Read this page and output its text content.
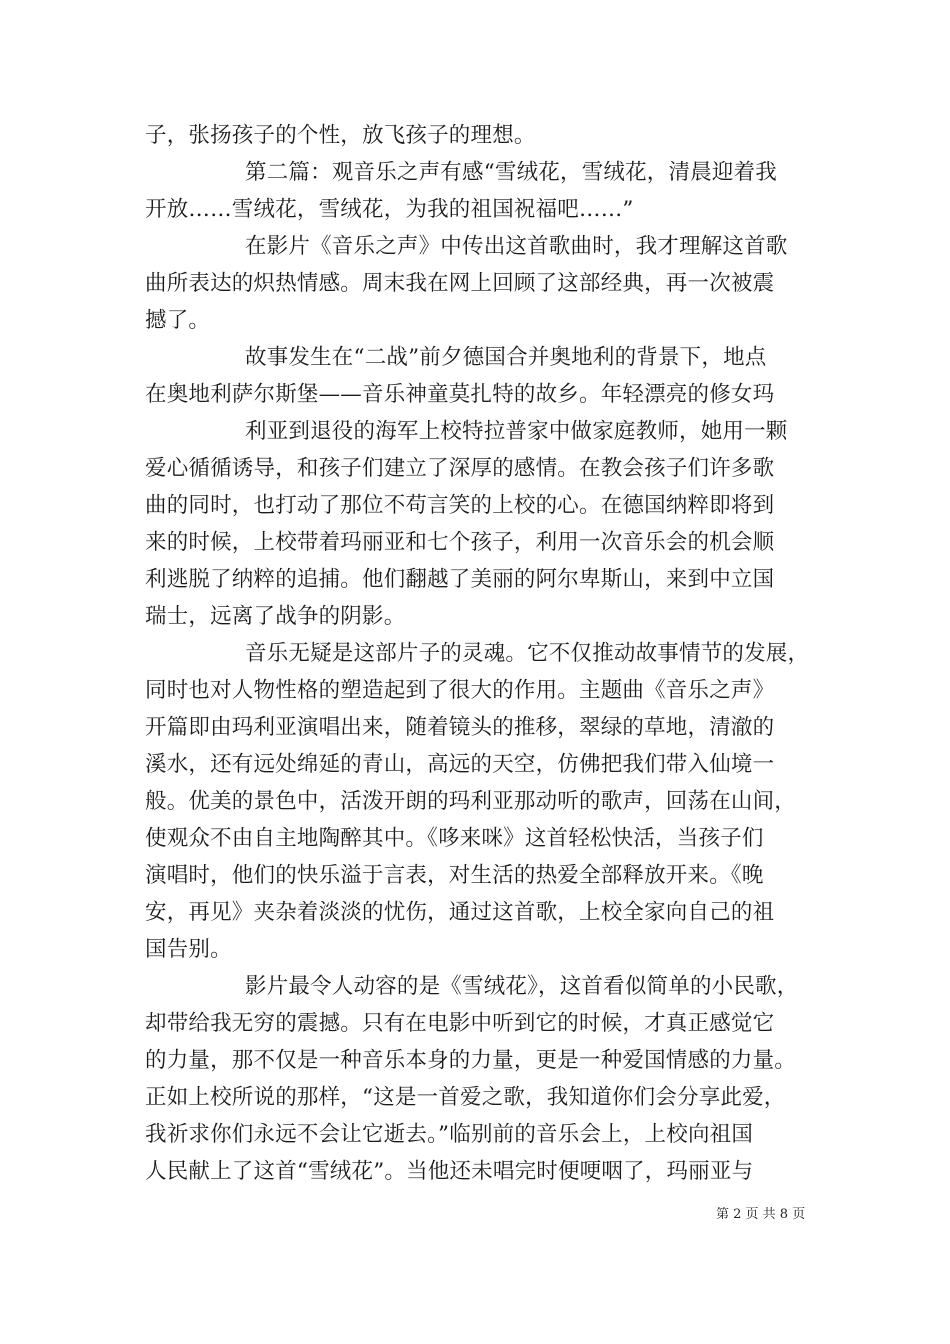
子，张扬孩子的个性，放飞孩子的理想。
第二篇：观音乐之声有感“雪绒花，雪绒花，清晨迎着我
开放……雪绒花，雪绒花，为我的祖国祝福吧……”
在影片《音乐之声》中传出这首歌曲时，我才理解这首歌
曲所表达的炽热情感。周末我在网上回顾了这部经典，再一次被震
撼了。
故事发生在“二战”前夕德国合并奥地利的背景下，地点
在奥地利萨尔斯堡——音乐神童莫扎特的故乡。年轻漂亮的修女玛
利亚到退役的海军上校特拉普家中做家庭教师，她用一颗
爱心循循诱导，和孩子们建立了深厚的感情。在教会孩子们许多歌
曲的同时，也打动了那位不苟言笑的上校的心。在德国纳粹即将到
来的时候，上校带着玛丽亚和七个孩子，利用一次音乐会的机会顺
利逃脱了纳粹的追捕。他们翻越了美丽的阿尔卑斯山，来到中立国
瑞士，远离了战争的阴影。
音乐无疑是这部片子的灵魂。它不仅推动故事情节的发展，
同时也对人物性格的塑造起到了很大的作用。主题曲《音乐之声》
开篇即由玛利亚演唱出来，随着镜头的推移，翠绿的草地，清澈的
溪水，还有远处绵延的青山，高远的天空，仿佛把我们带入仙境一
般。优美的景色中，活泼开朗的玛利亚那动听的歌声，回荡在山间，
使观众不由自主地陶醉其中。《哆来咪》这首轻松快活，当孩子们
演唱时，他们的快乐溢于言表，对生活的热爱全部释放开来。《晚
安，再见》夹杂着淡淡的忧伤，通过这首歌，上校全家向自己的祖
国告别。
影片最令人动容的是《雪绒花》，这首看似简单的小民歌，
却带给我无穷的震撼。只有在电影中听到它的时候，才真正感觉它
的力量，那不仅是一种音乐本身的力量，更是一种爱国情感的力量。
正如上校所说的那样，“这是一首爱之歌，我知道你们会分享此爱，
我祈求你们永远不会让它逝去。”临别前的音乐会上，上校向祖国
人民献上了这首“雪绒花”。当他还未唱完时便哽咽了，玛丽亚与
第 2 页 共 8 页
